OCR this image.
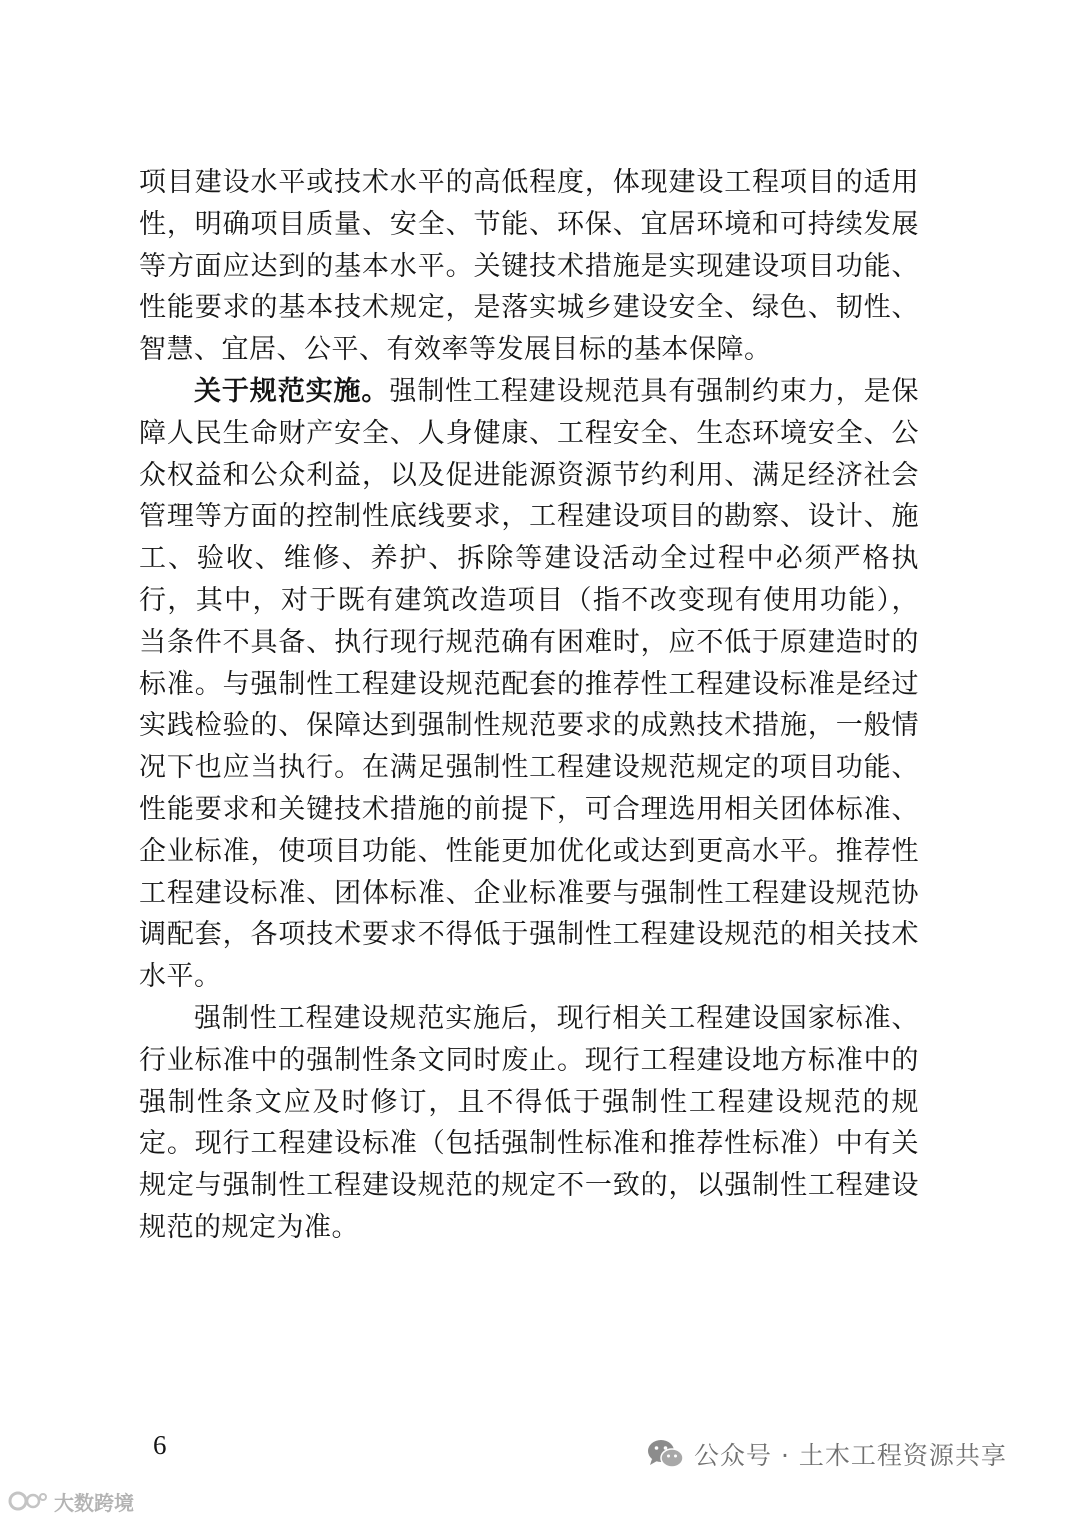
项目建设水平或技术水平的高低程度，体现建设工程项目的适用
性，明确项目质量、安全、节能、环保、宜居环境和可持续发展
等方面应达到的基本水平。关键技术措施是实现建设项目功能、
性能要求的基本技术规定，是落实城乡建设安全、绿色、韧性、
智慧、宜居、公平、有效率等发展目标的基本保障。
关于规范实施。强制性工程建设规范具有强制约束力，是保
障人民生命财产安全、人身健康、工程安全、生态环境安全、公
众权益和公众利益，以及促进能源资源节约利用、满足经济社会
管理等方面的控制性底线要求，工程建设项目的勘察、设计、施
工、验收、维修、养护、拆除等建设活动全过程中必须严格执
行，其中，对于既有建筑改造项目（指不改变现有使用功能），
当条件不具备、执行现行规范确有困难时，应不低于原建造时的
标准。与强制性工程建设规范配套的推荐性工程建设标准是经过
实践检验的、保障达到强制性规范要求的成熟技术措施，一般情
况下也应当执行。在满足强制性工程建设规范规定的项目功能、
性能要求和关键技术措施的前提下，可合理选用相关团体标准、
企业标准，使项目功能、性能更加优化或达到更高水平。推荐性
工程建设标准、团体标准、企业标准要与强制性工程建设规范协
调配套，各项技术要求不得低于强制性工程建设规范的相关技术
水平。
强制性工程建设规范实施后，现行相关工程建设国家标准、
行业标准中的强制性条文同时废止。现行工程建设地方标准中的
强制性条文应及时修订，且不得低于强制性工程建设规范的规
定。现行工程建设标准（包括强制性标准和推荐性标准）中有关
规定与强制性工程建设规范的规定不一致的，以强制性工程建设
规范的规定为准。
6	公众号 · 土木工程资源共享
大数跨境
